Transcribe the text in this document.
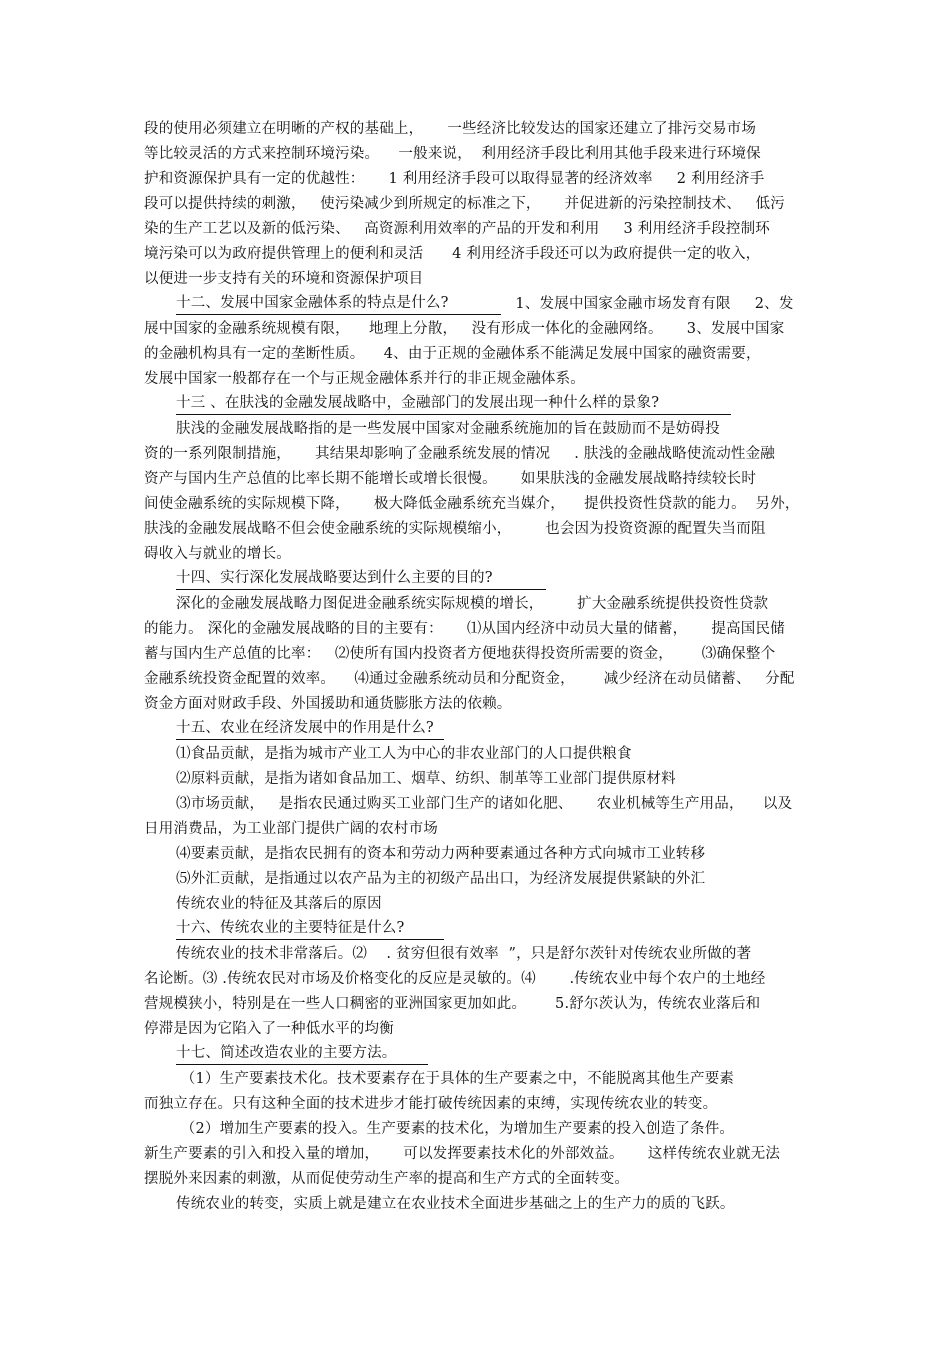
段的使用必须建立在明晰的产权的基础上，     一些经济比较发达的国家还建立了排污交易市场
等比较灵活的方式来控制环境污染。    一般来说，  利用经济手段比利用其他手段来进行环境保
护和资源保护具有一定的优越性：     1 利用经济手段可以取得显著的经济效率     2 利用经济手
段可以提供持续的刺激，   使污染减少到所规定的标准之下，     并促进新的污染控制技术、   低污
染的生产工艺以及新的低污染、   高资源利用效率的产品的开发和利用     3 利用经济手段控制环
境污染可以为政府提供管理上的便利和灵活      4 利用经济手段还可以为政府提供一定的收入，
以便进一步支持有关的环境和资源保护项目
十二、发展中国家金融体系的特点是什么?	1、发展中国家金融市场发育有限     2、发
展中国家的金融系统规模有限，    地理上分散，   没有形成一体化的金融网络。     3、发展中国家
的金融机构具有一定的垄断性质。    4、由于正规的金融体系不能满足发展中国家的融资需要，
发展中国家一般都存在一个与正规金融体系并行的非正规金融体系。
十三 、在肤浅的金融发展战略中，金融部门的发展出现一种什么样的景象?
肤浅的金融发展战略指的是一些发展中国家对金融系统施加的旨在鼓励而不是妨碍投
资的一系列限制措施，     其结果却影响了金融系统发展的情况     . 肤浅的金融战略使流动性金融
资产与国内生产总值的比率长期不能增长或增长很慢。     如果肤浅的金融发展战略持续较长时
间使金融系统的实际规模下降，     极大降低金融系统充当媒介，    提供投资性贷款的能力。  另外，
肤浅的金融发展战略不但会使金融系统的实际规模缩小，       也会因为投资资源的配置失当而阻
碍收入与就业的增长。
十四、实行深化发展战略要达到什么主要的目的?
深化的金融发展战略力图促进金融系统实际规模的增长，       扩大金融系统提供投资性贷款
的能力。 深化的金融发展战略的目的主要有：     ⑴从国内经济中动员大量的储蓄，     提高国民储
蓄与国内生产总值的比率：   ⑵使所有国内投资者方便地获得投资所需要的资金，      ⑶确保整个
金融系统投资金配置的效率。    ⑷通过金融系统动员和分配资金，      减少经济在动员储蓄、   分配
资金方面对财政手段、外国援助和通货膨胀方法的依赖。
十五、农业在经济发展中的作用是什么?
⑴食品贡献，是指为城市产业工人为中心的非农业部门的人口提供粮食
⑵原料贡献，是指为诸如食品加工、烟草、纺织、制革等工业部门提供原材料
⑶市场贡献，   是指农民通过购买工业部门生产的诸如化肥、     农业机械等生产用品，    以及
日用消费品，为工业部门提供广阔的农村市场
⑷要素贡献，是指农民拥有的资本和劳动力两种要素通过各种方式向城市工业转移
⑸外汇贡献，是指通过以农产品为主的初级产品出口，为经济发展提供紧缺的外汇
传统农业的特征及其落后的原因
十六、传统农业的主要特征是什么?
传统农业的技术非常落后。⑵    . 贫穷但很有效率  ”，只是舒尔茨针对传统农业所做的著
名论断。⑶ .传统农民对市场及价格变化的反应是灵敏的。⑷       .传统农业中每个农户的土地经
营规模狭小，特别是在一些人口稠密的亚洲国家更加如此。      5.舒尔茨认为，传统农业落后和
停滞是因为它陷入了一种低水平的均衡
十七、简述改造农业的主要方法。
（1）生产要素技术化。技术要素存在于具体的生产要素之中，不能脱离其他生产要素
而独立存在。只有这种全面的技术进步才能打破传统因素的束缚，实现传统农业的转变。
（2）增加生产要素的投入。生产要素的技术化，为增加生产要素的投入创造了条件。
新生产要素的引入和投入量的增加，     可以发挥要素技术化的外部效益。     这样传统农业就无法
摆脱外来因素的刺激，从而促使劳动生产率的提高和生产方式的全面转变。
传统农业的转变，实质上就是建立在农业技术全面进步基础之上的生产力的质的飞跃。
